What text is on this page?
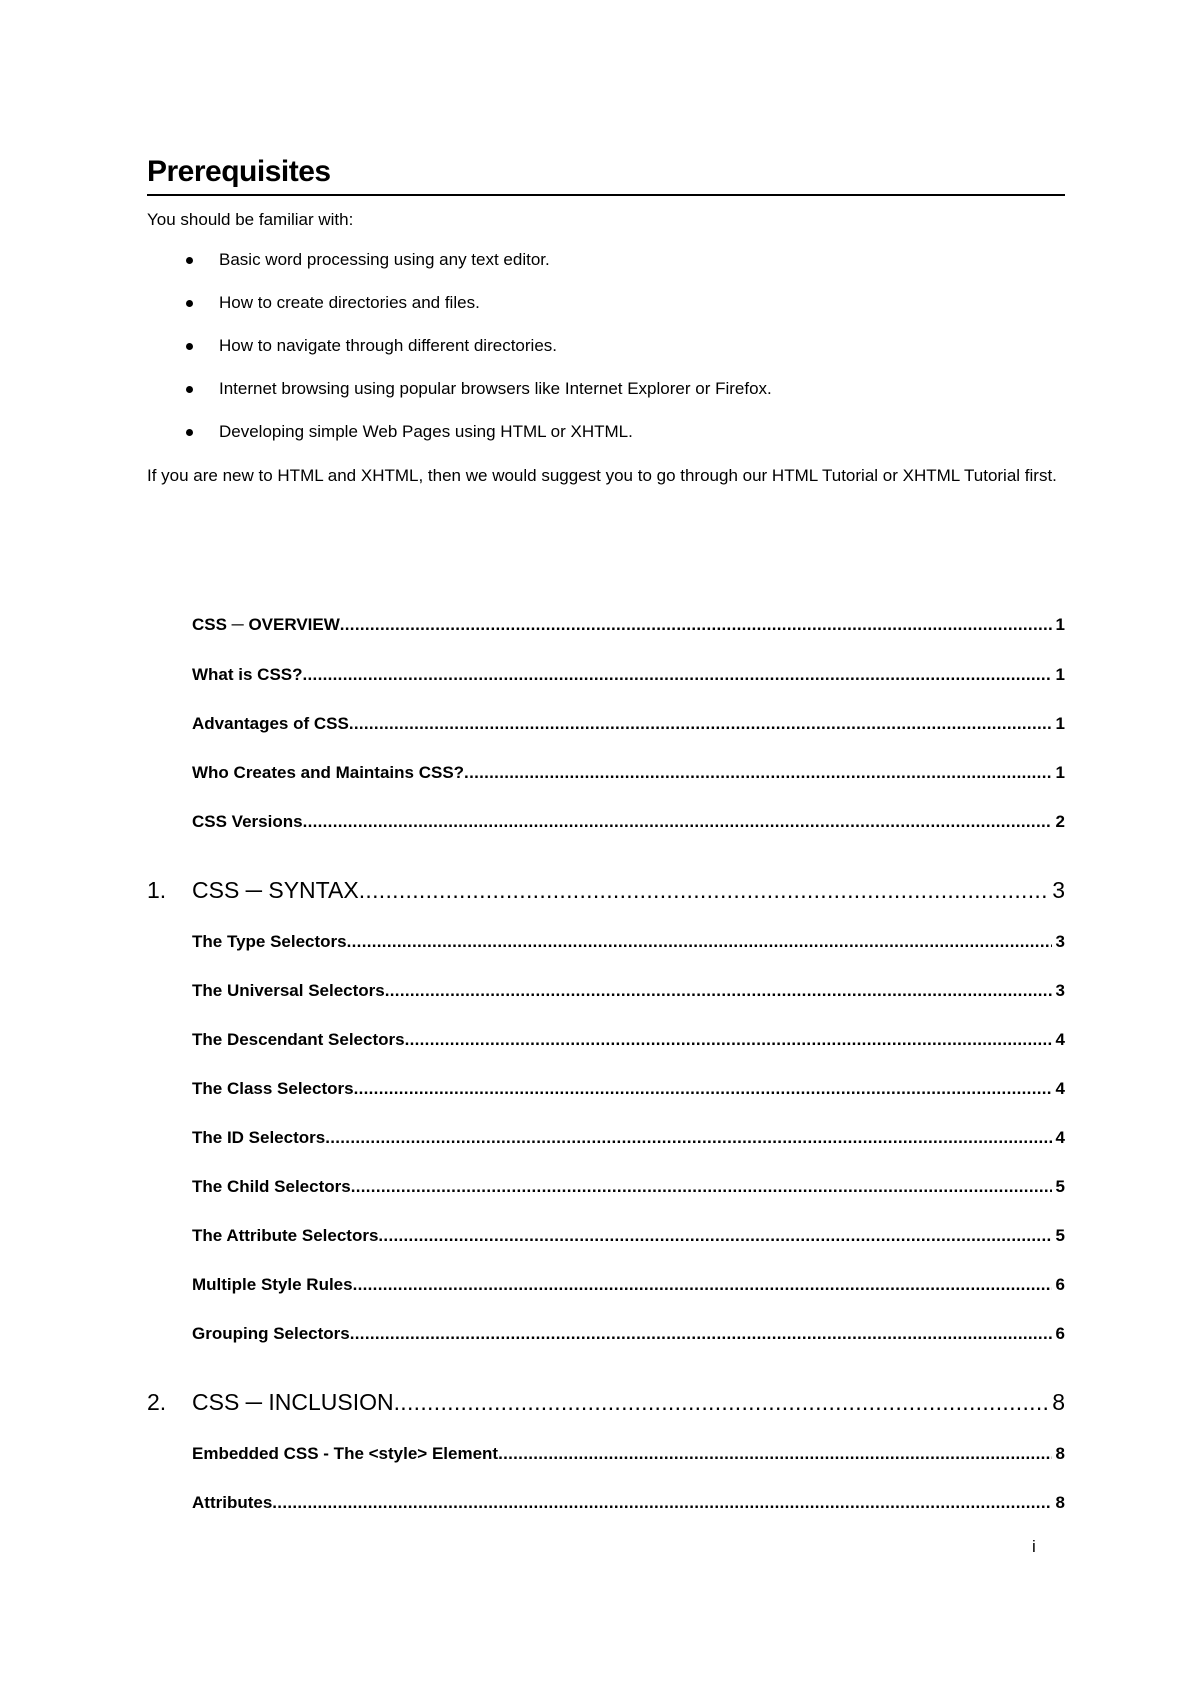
Prerequisites
You should be familiar with:
Basic word processing using any text editor.
How to create directories and files.
How to navigate through different directories.
Internet browsing using popular browsers like Internet Explorer or Firefox.
Developing simple Web Pages using HTML or XHTML.
If you are new to HTML and XHTML, then we would suggest you to go through our HTML Tutorial or XHTML Tutorial first.
CSS ─ OVERVIEW .....	1
What is CSS? .....	1
Advantages of CSS .....	1
Who Creates and Maintains CSS? .....	1
CSS Versions .....	2
1.	CSS ─ SYNTAX .....	3
The Type Selectors .....	3
The Universal Selectors .....	3
The Descendant Selectors .....	4
The Class Selectors .....	4
The ID Selectors .....	4
The Child Selectors .....	5
The Attribute Selectors .....	5
Multiple Style Rules .....	6
Grouping Selectors .....	6
2.	CSS ─ INCLUSION .....	8
Embedded CSS - The <style> Element .....	8
Attributes .....	8
i
